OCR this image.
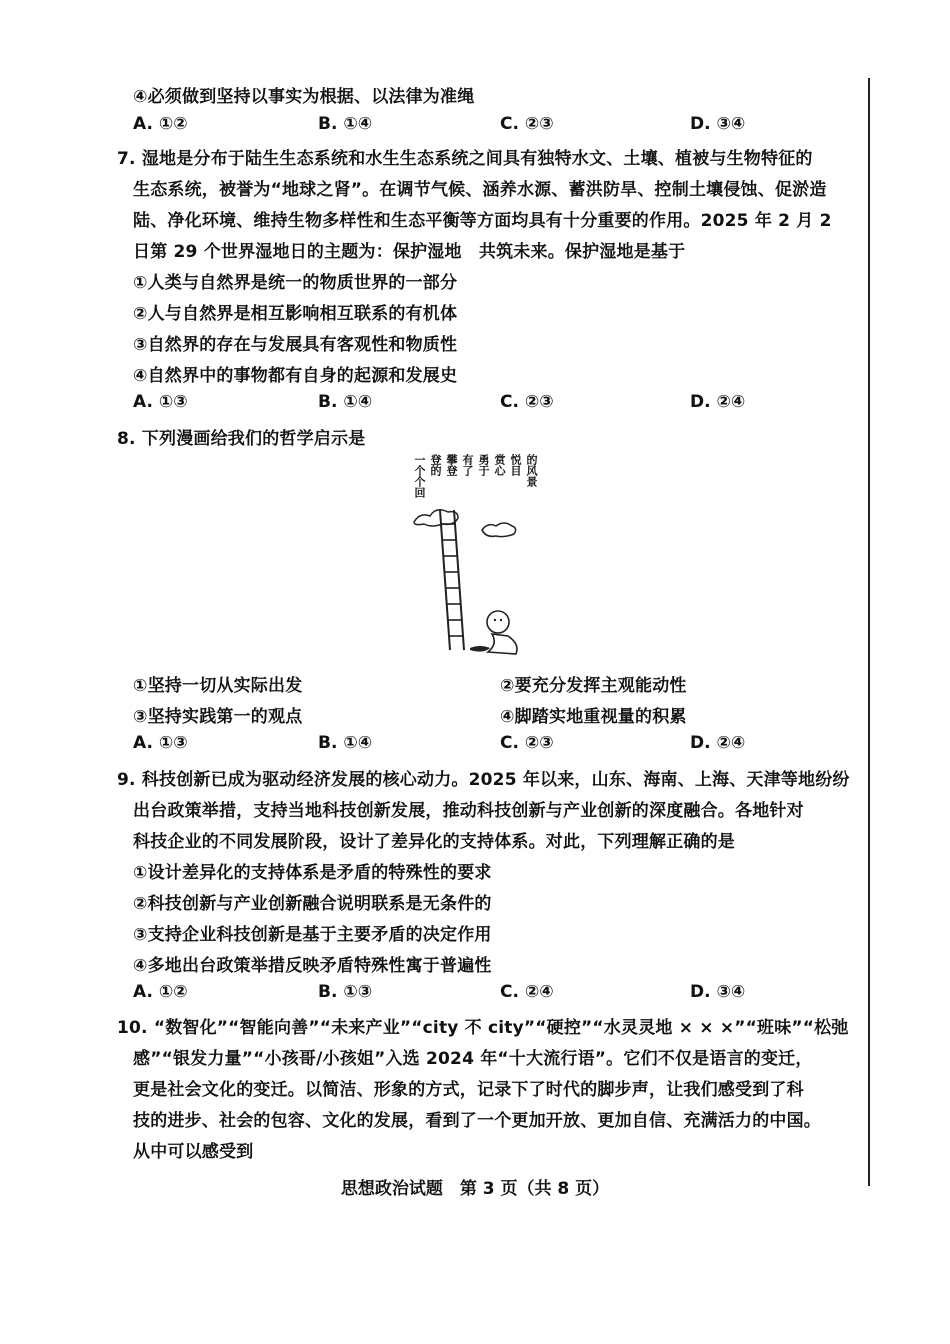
④必须做到坚持以事实为根据、以法律为准绳
A. ①②	B. ①④	C. ②③	D. ③④
7. 湿地是分布于陆生生态系统和水生生态系统之间具有独特水文、土壤、植被与生物特征的
生态系统，被誉为“地球之肾”。在调节气候、涵养水源、蓄洪防旱、控制土壤侵蚀、促淤造
陆、净化环境、维持生物多样性和生态平衡等方面均具有十分重要的作用。2025 年 2 月 2
日第 29 个世界湿地日的主题为：保护湿地　共筑未来。保护湿地是基于
①人类与自然界是统一的物质世界的一部分
②人与自然界是相互影响相互联系的有机体
③自然界的存在与发展具有客观性和物质性
④自然界中的事物都有自身的起源和发展史
A. ①③	B. ①④	C. ②③	D. ②④
8. 下列漫画给我们的哲学启示是
一个个回 登的 攀登 有了 勇于 赏心 悦目 的风景
①坚持一切从实际出发	②要充分发挥主观能动性
③坚持实践第一的观点	④脚踏实地重视量的积累
A. ①③	B. ①④	C. ②③	D. ②④
9. 科技创新已成为驱动经济发展的核心动力。2025 年以来，山东、海南、上海、天津等地纷纷
出台政策举措，支持当地科技创新发展，推动科技创新与产业创新的深度融合。各地针对
科技企业的不同发展阶段，设计了差异化的支持体系。对此，下列理解正确的是
①设计差异化的支持体系是矛盾的特殊性的要求
②科技创新与产业创新融合说明联系是无条件的
③支持企业科技创新是基于主要矛盾的决定作用
④多地出台政策举措反映矛盾特殊性寓于普遍性
A. ①②	B. ①③	C. ②④	D. ③④
10. “数智化”“智能向善”“未来产业”“city 不 city”“硬控”“水灵灵地 × × ×”“班味”“松弛
感”“银发力量”“小孩哥/小孩姐”入选 2024 年“十大流行语”。它们不仅是语言的变迁，
更是社会文化的变迁。以简洁、形象的方式，记录下了时代的脚步声，让我们感受到了科
技的进步、社会的包容、文化的发展，看到了一个更加开放、更加自信、充满活力的中国。
从中可以感受到
思想政治试题　第 3 页（共 8 页）
